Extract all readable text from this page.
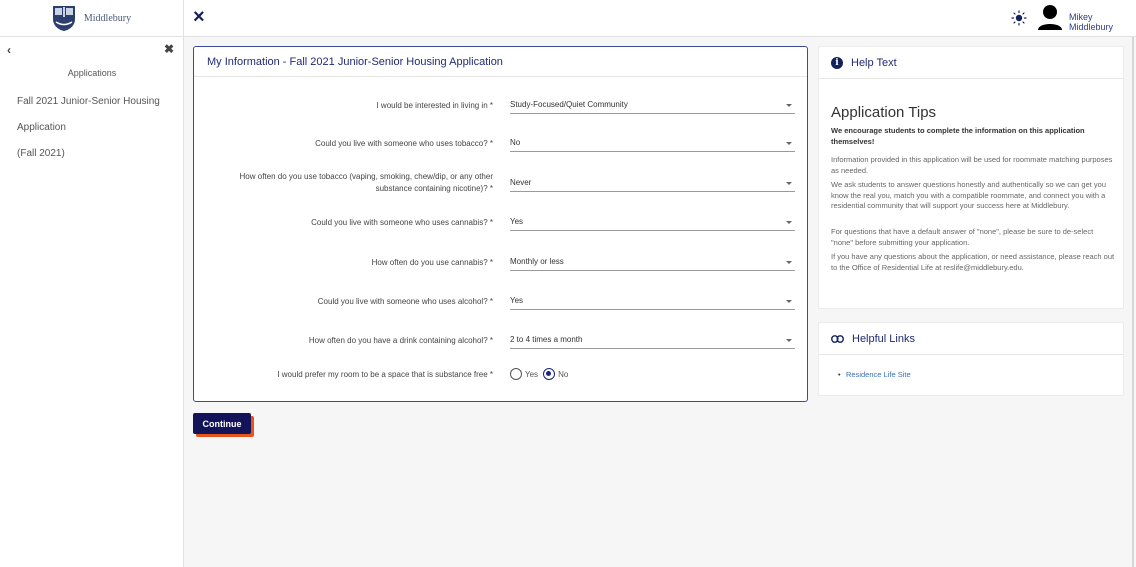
Middlebury	×	Mikey Middlebury
‹	✖
Applications
Fall 2021 Junior-Senior Housing
Application
(Fall 2021)
My Information - Fall 2021 Junior-Senior Housing Application
I would be interested in living in * Study-Focused/Quiet Community
Could you live with someone who uses tobacco? * No
How often do you use tobacco (vaping, smoking, chew/dip, or any other
substance containing nicotine)? *
Never
Could you live with someone who uses cannabis? * Yes
How often do you use cannabis? * Monthly or less
Could you live with someone who uses alcohol? * Yes
How often do you have a drink containing alcohol? * 2 to 4 times a month
I would prefer my room to be a space that is substance free *	Yes	No
Continue
i	Help Text
Application Tips
We encourage students to complete the information on this application themselves!
Information provided in this application will be used for roommate matching purposes as needed.
We ask students to answer questions honestly and authentically so we can get you know the real you, match you with a compatible roommate, and connect you with a residential community that will support your success here at Middlebury.
For questions that have a default answer of "none", please be sure to de-select "none" before submitting your application.
If you have any questions about the application, or need assistance, please reach out to the Office of Residential Life at reslife@middlebury.edu.
Helpful Links
• Residence Life Site
